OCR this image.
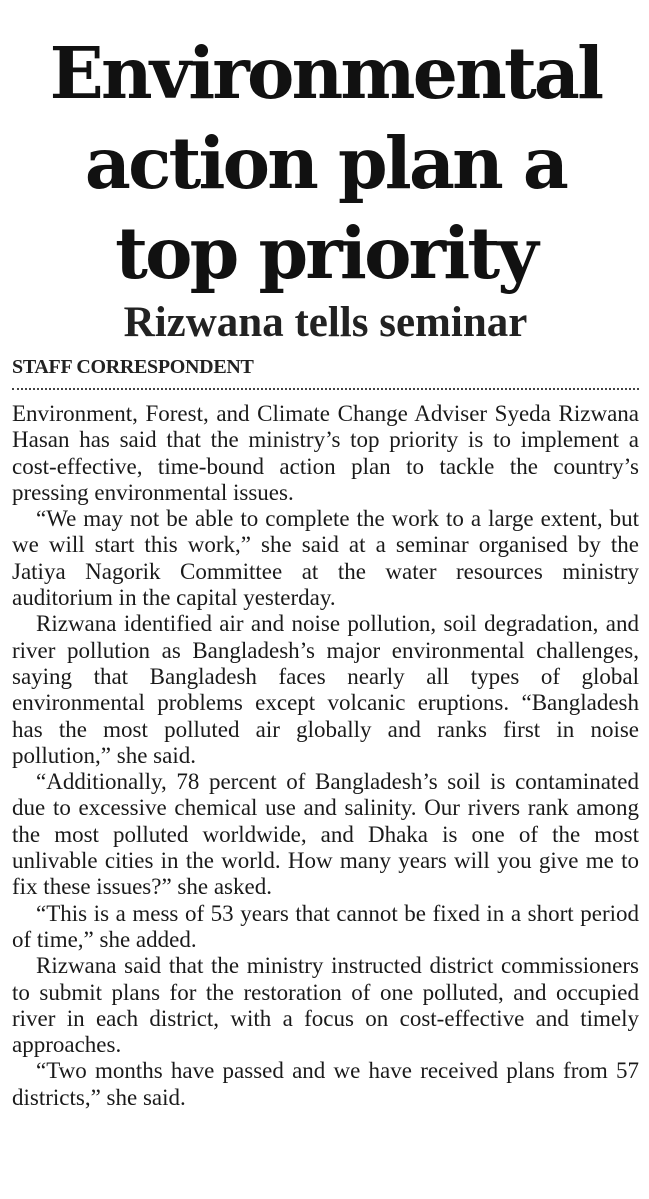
Environmental
action plan a
top priority
Rizwana tells seminar
STAFF CORRESPONDENT

Environment, Forest, and Climate Change Adviser Syeda Rizwana Hasan has said that the ministry’s top priority is to implement a cost-effective, time-bound action plan to tackle the country’s pressing environmental issues.

“We may not be able to complete the work to a large extent, but we will start this work,” she said at a seminar organised by the Jatiya Nagorik Committee at the water resources ministry auditorium in the capital yesterday.

Rizwana identified air and noise pollution, soil degradation, and river pollution as Bangladesh’s major environmental challenges, saying that Bangladesh faces nearly all types of global environmental problems except volcanic eruptions. “Bangladesh has the most polluted air globally and ranks first in noise pollution,” she said.

“Additionally, 78 percent of Bangladesh’s soil is contaminated due to excessive chemical use and salinity. Our rivers rank among the most polluted worldwide, and Dhaka is one of the most unlivable cities in the world. How many years will you give me to fix these issues?” she asked.

“This is a mess of 53 years that cannot be fixed in a short period of time,” she added.

Rizwana said that the ministry instructed district commissioners to submit plans for the restoration of one polluted, and occupied river in each district, with a focus on cost-effective and timely approaches.

“Two months have passed and we have received plans from 57 districts,” she said.
